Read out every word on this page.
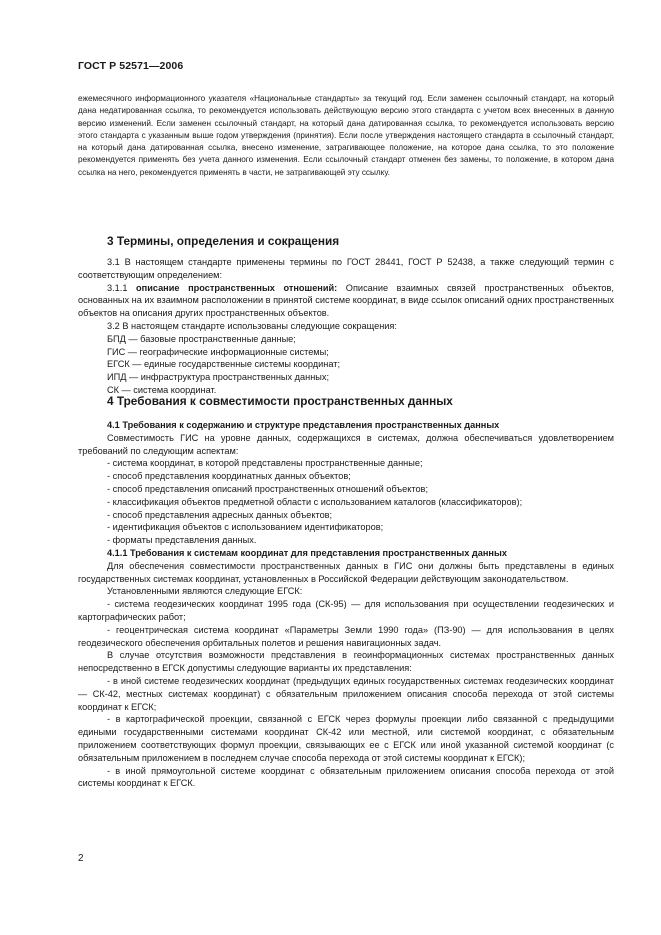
ГОСТ Р 52571—2006

ежемесячного информационного указателя «Национальные стандарты» за текущий год. Если заменен ссылочный стандарт, на который дана недатированная ссылка, то рекомендуется использовать действующую версию этого стандарта с учетом всех внесенных в данную версию изменений. Если заменен ссылочный стандарт, на который дана датированная ссылка, то рекомендуется использовать версию этого стандарта с указанным выше годом утверждения (принятия). Если после утверждения настоящего стандарта в ссылочный стандарт, на который дана датированная ссылка, внесено изменение, затрагивающее положение, на которое дана ссылка, то это положение рекомендуется применять без учета данного изменения. Если ссылочный стандарт отменен без замены, то положение, в котором дана ссылка на него, рекомендуется применять в части, не затрагивающей эту ссылку.

3 Термины, определения и сокращения

3.1 В настоящем стандарте применены термины по ГОСТ 28441, ГОСТ Р 52438, а также следующий термин с соответствующим определением:

3.1.1 описание пространственных отношений: Описание взаимных связей пространственных объектов, основанных на их взаимном расположении в принятой системе координат, в виде ссылок описаний одних пространственных объектов на описания других пространственных объектов.

3.2 В настоящем стандарте использованы следующие сокращения:

БПД — базовые пространственные данные;

ГИС — географические информационные системы;

ЕГСК — единые государственные системы координат;

ИПД — инфраструктура пространственных данных;

СК — система координат.

4 Требования к совместимости пространственных данных

4.1 Требования к содержанию и структуре представления пространственных данных

Совместимость ГИС на уровне данных, содержащихся в системах, должна обеспечиваться удовлетворением требований по следующим аспектам:

- система координат, в которой представлены пространственные данные;

- способ представления координатных данных объектов;

- способ представления описаний пространственных отношений объектов;

- классификация объектов предметной области с использованием каталогов (классификаторов);

- способ представления адресных данных объектов;

- идентификация объектов с использованием идентификаторов;

- форматы представления данных.

4.1.1 Требования к системам координат для представления пространственных данных

Для обеспечения совместимости пространственных данных в ГИС они должны быть представлены в единых государственных системах координат, установленных в Российской Федерации действующим законодательством.

Установленными являются следующие ЕГСК:

- система геодезических координат 1995 года (СК-95) — для использования при осуществлении геодезических и картографических работ;

- геоцентрическая система координат «Параметры Земли 1990 года» (ПЗ-90) — для использования в целях геодезического обеспечения орбитальных полетов и решения навигационных задач.

В случае отсутствия возможности представления в геоинформационных системах пространственных данных непосредственно в ЕГСК допустимы следующие варианты их представления:

- в иной системе геодезических координат (предыдущих единых государственных системах геодезических координат — СК-42, местных системах координат) с обязательным приложением описания способа перехода от этой системы координат к ЕГСК;

- в картографической проекции, связанной с ЕГСК через формулы проекции либо связанной с предыдущими едиными государственными системами координат СК-42 или местной, или системой координат, с обязательным приложением соответствующих формул проекции, связывающих ее с ЕГСК или иной указанной системой координат (с обязательным приложением в последнем случае способа перехода от этой системы координат к ЕГСК);

- в иной прямоугольной системе координат с обязательным приложением описания способа перехода от этой системы координат к ЕГСК.

2
